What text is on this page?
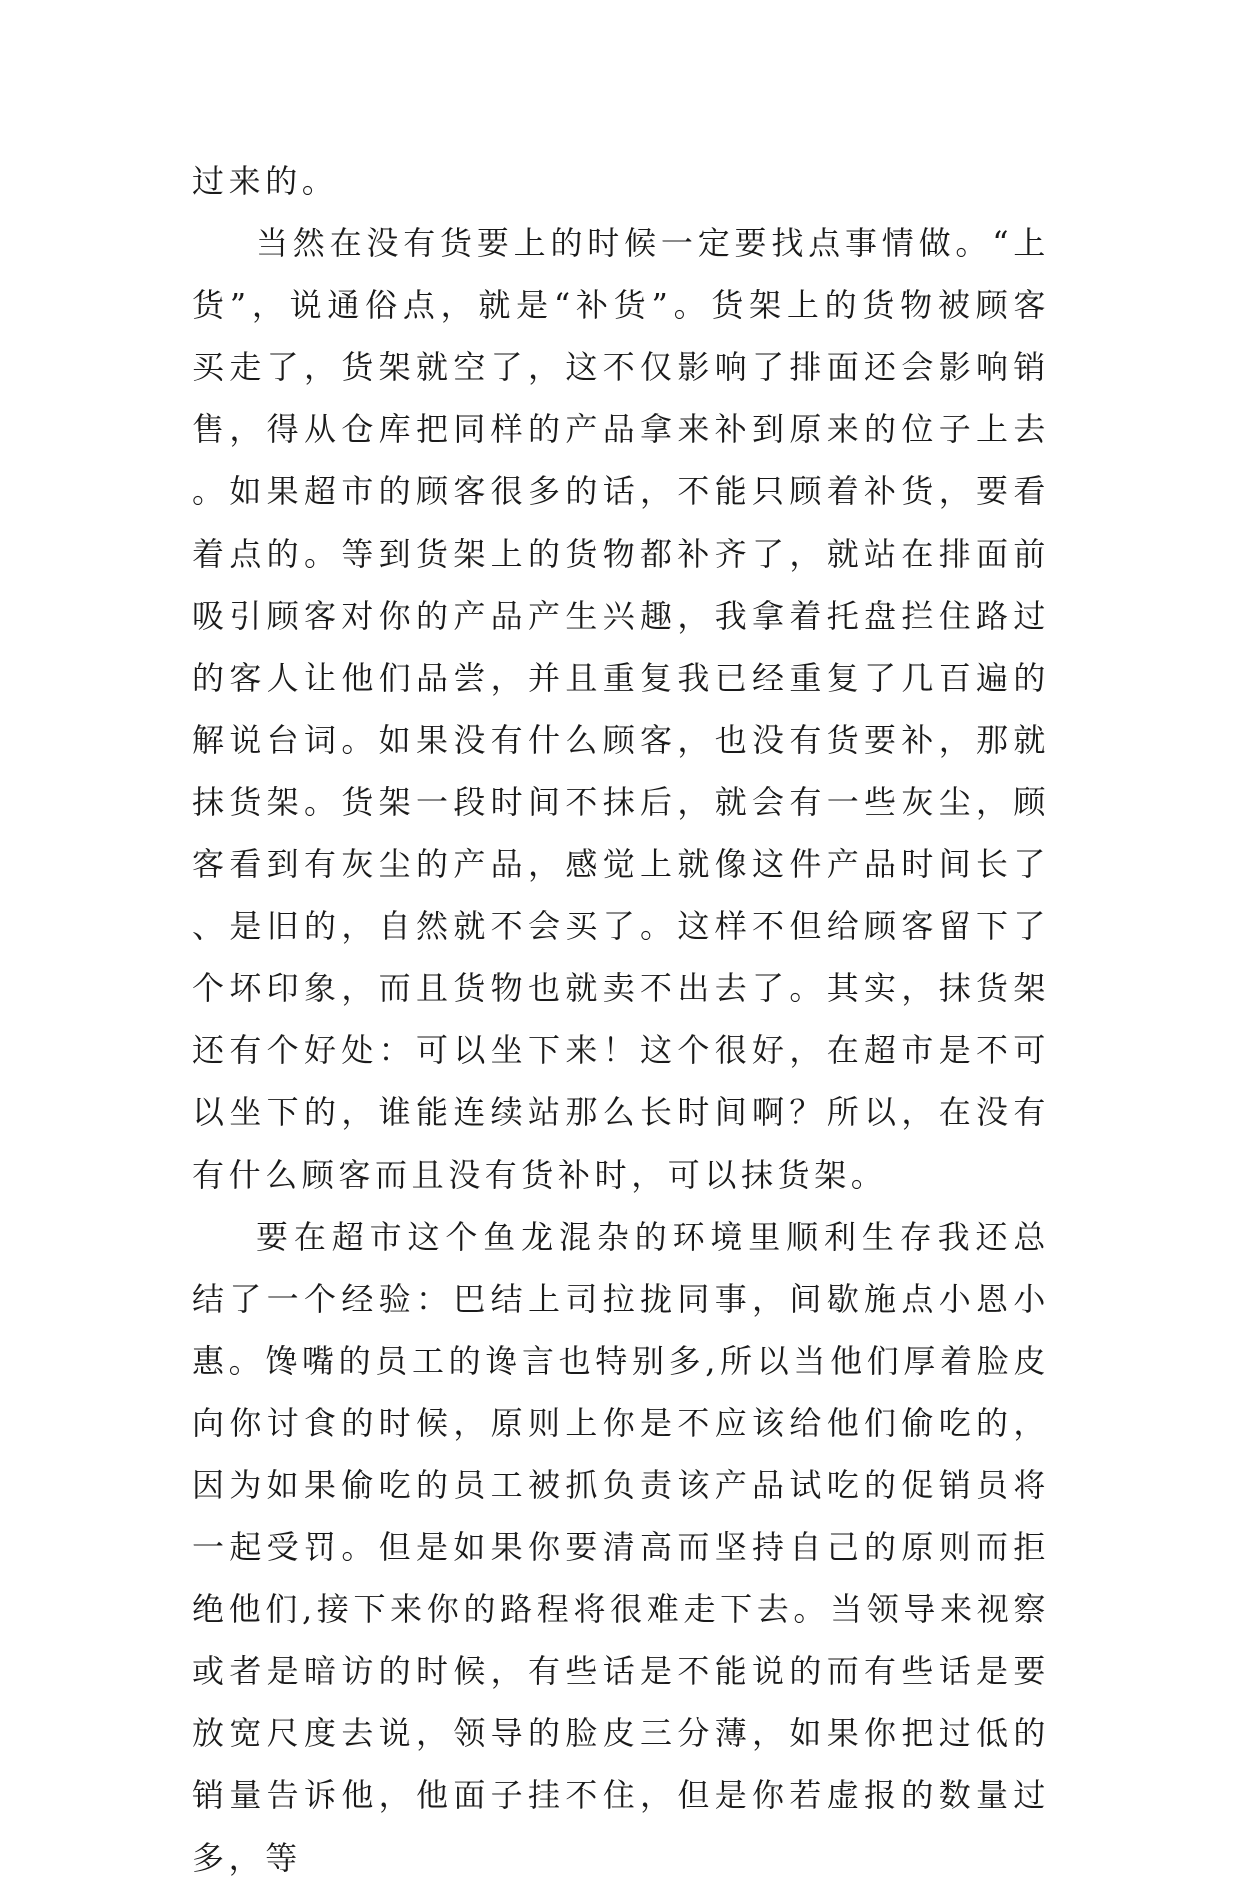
过来的。

当然在没有货要上的时候一定要找点事情做。“上货”，说通俗点，就是“补货”。货架上的货物被顾客买走了，货架就空了，这不仅影响了排面还会影响销售，得从仓库把同样的产品拿来补到原来的位子上去。如果超市的顾客很多的话，不能只顾着补货，要看着点的。等到货架上的货物都补齐了，就站在排面前吸引顾客对你的产品产生兴趣，我拿着托盘拦住路过的客人让他们品尝，并且重复我已经重复了几百遍的解说台词。如果没有什么顾客，也没有货要补，那就抹货架。货架一段时间不抹后，就会有一些灰尘，顾客看到有灰尘的产品，感觉上就像这件产品时间长了、是旧的，自然就不会买了。这样不但给顾客留下了个坏印象，而且货物也就卖不出去了。其实，抹货架还有个好处：可以坐下来！这个很好，在超市是不可以坐下的，谁能连续站那么长时间啊？所以，在没有有什么顾客而且没有货补时，可以抹货架。

要在超市这个鱼龙混杂的环境里顺利生存我还总结了一个经验：巴结上司拉拢同事，间歇施点小恩小惠。馋嘴的员工的谗言也特别多,所以当他们厚着脸皮向你讨食的时候，原则上你是不应该给他们偷吃的，因为如果偷吃的员工被抓负责该产品试吃的促销员将一起受罚。但是如果你要清高而坚持自己的原则而拒绝他们,接下来你的路程将很难走下去。当领导来视察或者是暗访的时候，有些话是不能说的而有些话是要放宽尺度去说，领导的脸皮三分薄，如果你把过低的销量告诉他，他面子挂不住，但是你若虚报的数量过多，等
